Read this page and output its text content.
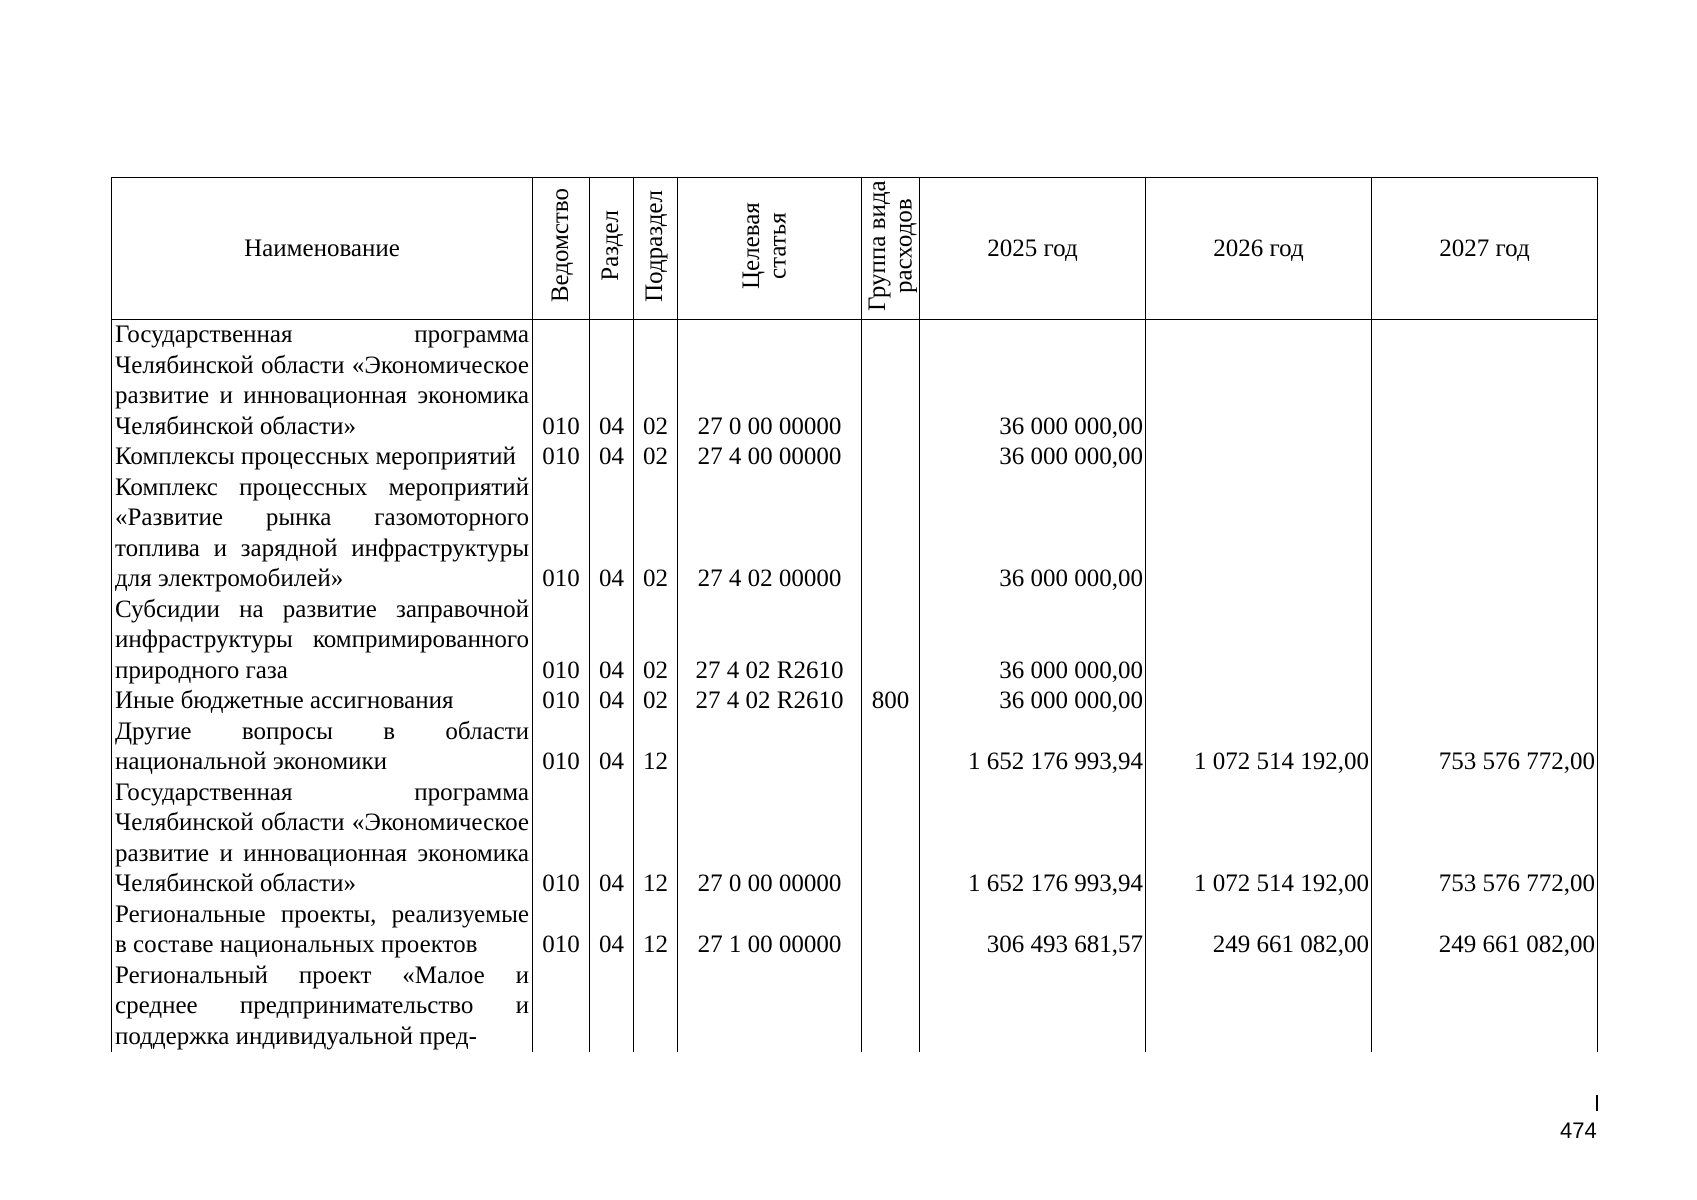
Наименование	Ведомство	Раздел	Подраздел	Целевая статья	Группа вида расходов	2025 год	2026 год	2027 год
Государственная программа Челябинской области «Экономическое развитие и инновационная экономика Челябинской области»	010	04	02	27 0 00 00000		36 000 000,00		
Комплексы процессных мероприятий	010	04	02	27 4 00 00000		36 000 000,00		
Комплекс процессных мероприятий «Развитие рынка газомоторного топлива и зарядной инфраструктуры для электромобилей»	010	04	02	27 4 02 00000		36 000 000,00		
Субсидии на развитие заправочной инфраструктуры компримированного природного газа	010	04	02	27 4 02 R2610		36 000 000,00		
Иные бюджетные ассигнования	010	04	02	27 4 02 R2610	800	36 000 000,00		
Другие вопросы в области национальной экономики	010	04	12			1 652 176 993,94	1 072 514 192,00	753 576 772,00
Государственная программа Челябинской области «Экономическое развитие и инновационная экономика Челябинской области»	010	04	12	27 0 00 00000		1 652 176 993,94	1 072 514 192,00	753 576 772,00
Региональные проекты, реализуемые в составе национальных проектов	010	04	12	27 1 00 00000		306 493 681,57	249 661 082,00	249 661 082,00
Региональный проект «Малое и среднее предпринимательство и поддержка индивидуальной пред-								
474
